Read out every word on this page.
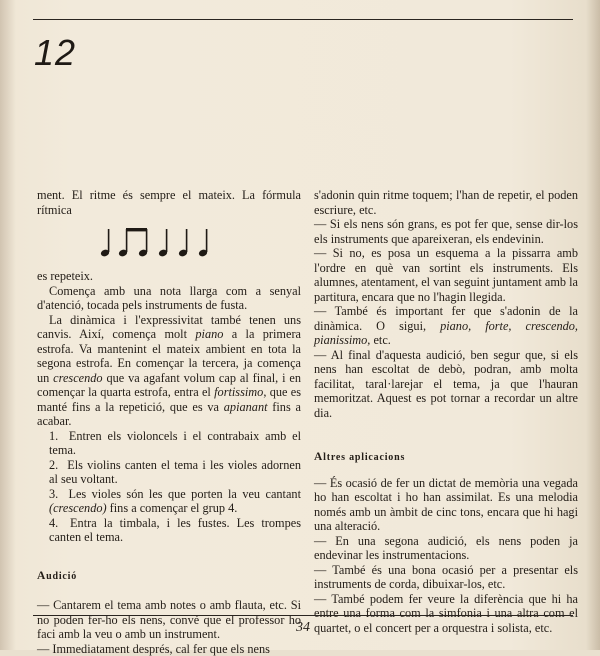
12

ment. El ritme és sempre el mateix. La fórmula rítmica

es repeteix.

Comença amb una nota llarga com a senyal d'atenció, tocada pels instruments de fusta.

La dinàmica i l'expressivitat també tenen uns canvis. Així, comença molt piano a la primera estrofa. Va mantenint el mateix ambient en tota la segona estrofa. En començar la tercera, ja comença un crescendo que va agafant volum cap al final, i en començar la quarta estrofa, entra el fortissimo, que es manté fins a la repetició, que es va apianant fins a acabar.

1. Entren els violoncels i el contrabaix amb el tema.

2. Els violins canten el tema i les violes adornen al seu voltant.

3. Les violes són les que porten la veu cantant (crescendo) fins a començar el grup 4.

4. Entra la timbala, i les fustes. Les trompes canten el tema.

Audició

— Cantarem el tema amb notes o amb flauta, etc. Si no poden fer-ho els nens, convé que el professor ho faci amb la veu o amb un instrument.

— Immediatament després, cal fer que els nens

s'adonin quin ritme toquem; l'han de repetir, el poden escriure, etc.

— Si els nens són grans, es pot fer que, sense dir-los els instruments que apareixeran, els endevinin.

— Si no, es posa un esquema a la pissarra amb l'ordre en què van sortint els instruments. Els alumnes, atentament, el van seguint juntament amb la partitura, encara que no l'hagin llegida.

— També és important fer que s'adonin de la dinàmica. O sigui, piano, forte, crescendo, pianissimo, etc.

— Al final d'aquesta audició, ben segur que, si els nens han escoltat de debò, podran, amb molta facilitat, taral·larejar el tema, ja que l'hauran memoritzat. Aquest es pot tornar a recordar un altre dia.

Altres aplicacions

— És ocasió de fer un dictat de memòria una vegada ho han escoltat i ho han assimilat. Es una melodia només amb un àmbit de cinc tons, encara que hi hagi una alteració.

— En una segona audició, els nens poden ja endevinar les instrumentacions.

— També és una bona ocasió per a presentar els instruments de corda, dibuixar-los, etc.

— També podem fer veure la diferència que hi ha entre una forma com la simfonia i una altra com el quartet, o el concert per a orquestra i solista, etc.

34
